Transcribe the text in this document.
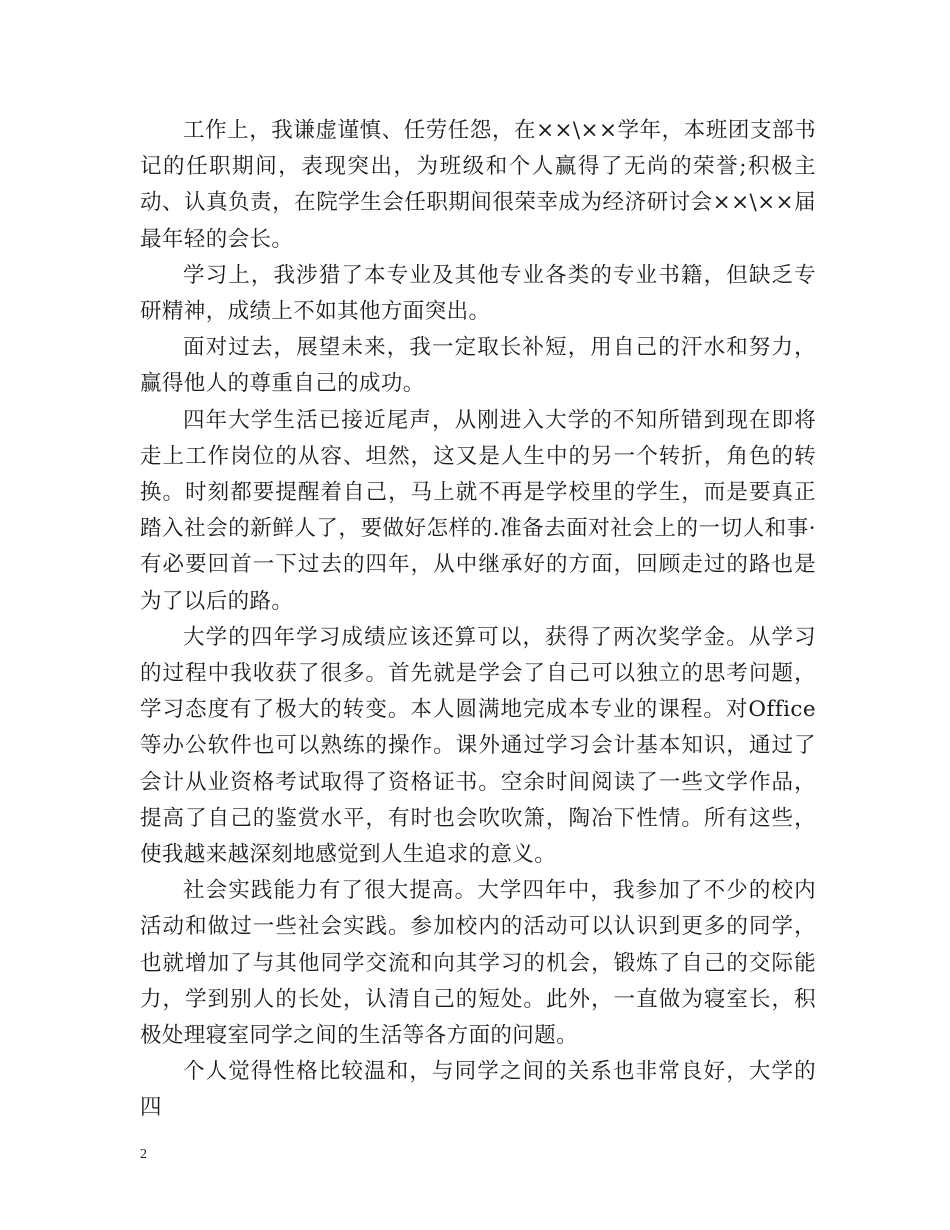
工作上，我谦虚谨慎、任劳任怨，在××\××学年，本班团支部书记的任职期间，表现突出，为班级和个人赢得了无尚的荣誉;积极主动、认真负责，在院学生会任职期间很荣幸成为经济研讨会××\××届最年轻的会长。

学习上，我涉猎了本专业及其他专业各类的专业书籍，但缺乏专研精神，成绩上不如其他方面突出。

面对过去，展望未来，我一定取长补短，用自己的汗水和努力，赢得他人的尊重自己的成功。

四年大学生活已接近尾声，从刚进入大学的不知所错到现在即将走上工作岗位的从容、坦然，这又是人生中的另一个转折，角色的转换。时刻都要提醒着自己，马上就不再是学校里的学生，而是要真正踏入社会的新鲜人了，要做好怎样的.准备去面对社会上的一切人和事·有必要回首一下过去的四年，从中继承好的方面，回顾走过的路也是为了以后的路。

大学的四年学习成绩应该还算可以，获得了两次奖学金。从学习的过程中我收获了很多。首先就是学会了自己可以独立的思考问题，学习态度有了极大的转变。本人圆满地完成本专业的课程。对Office等办公软件也可以熟练的操作。课外通过学习会计基本知识，通过了会计从业资格考试取得了资格证书。空余时间阅读了一些文学作品，提高了自己的鉴赏水平，有时也会吹吹箫，陶冶下性情。所有这些，使我越来越深刻地感觉到人生追求的意义。

社会实践能力有了很大提高。大学四年中，我参加了不少的校内活动和做过一些社会实践。参加校内的活动可以认识到更多的同学，也就增加了与其他同学交流和向其学习的机会，锻炼了自己的交际能力，学到别人的长处，认清自己的短处。此外，一直做为寝室长，积极处理寝室同学之间的生活等各方面的问题。

个人觉得性格比较温和，与同学之间的关系也非常良好，大学的四

2
